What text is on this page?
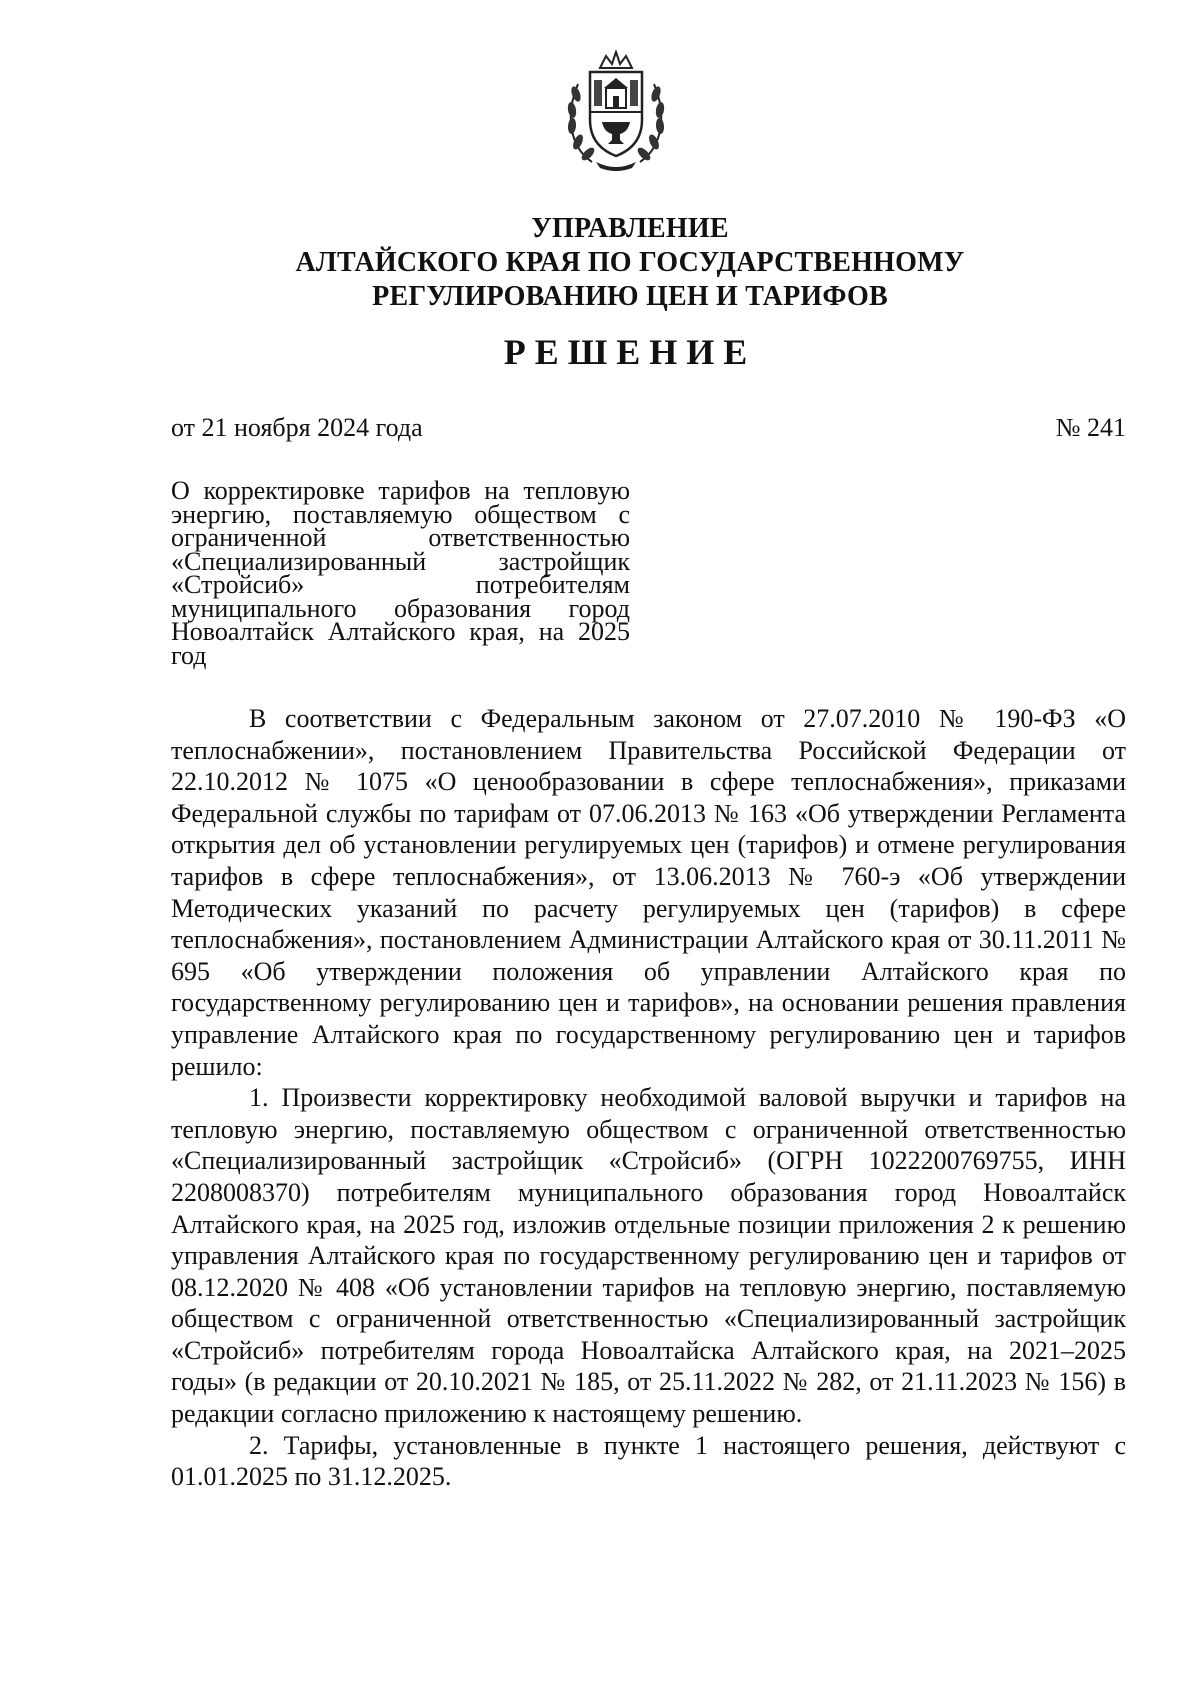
УПРАВЛЕНИЕ
АЛТАЙСКОГО КРАЯ ПО ГОСУДАРСТВЕННОМУ
РЕГУЛИРОВАНИЮ ЦЕН И ТАРИФОВ
РЕШЕНИЕ
от 21 ноября 2024 года	№ 241
О корректировке тарифов на тепловую энергию, поставляемую обществом с ограниченной ответственностью «Специализированный застройщик «Стройсиб» потребителям муниципального образования город Новоалтайск Алтайского края, на 2025 год

В соответствии с Федеральным законом от 27.07.2010 № 190-ФЗ «О теплоснабжении», постановлением Правительства Российской Федерации от 22.10.2012 № 1075 «О ценообразовании в сфере теплоснабжения», приказами Федеральной службы по тарифам от 07.06.2013 № 163 «Об утверждении Регламента открытия дел об установлении регулируемых цен (тарифов) и отмене регулирования тарифов в сфере теплоснабжения», от 13.06.2013 № 760-э «Об утверждении Методических указаний по расчету регулируемых цен (тарифов) в сфере теплоснабжения», постановлением Администрации Алтайского края от 30.11.2011 № 695 «Об утверждении положения об управлении Алтайского края по государственному регулированию цен и тарифов», на основании решения правления управление Алтайского края по государственному регулированию цен и тарифов решило:

1. Произвести корректировку необходимой валовой выручки и тарифов на тепловую энергию, поставляемую обществом с ограниченной ответственностью «Специализированный застройщик «Стройсиб» (ОГРН 1022200769755, ИНН 2208008370) потребителям муниципального образования город Новоалтайск Алтайского края, на 2025 год, изложив отдельные позиции приложения 2 к решению управления Алтайского края по государственному регулированию цен и тарифов от 08.12.2020 № 408 «Об установлении тарифов на тепловую энергию, поставляемую обществом с ограниченной ответственностью «Специализированный застройщик «Стройсиб» потребителям города Новоалтайска Алтайского края, на 2021–2025 годы» (в редакции от 20.10.2021 № 185, от 25.11.2022 № 282, от 21.11.2023 № 156) в редакции согласно приложению к настоящему решению.

2. Тарифы, установленные в пункте 1 настоящего решения, действуют с 01.01.2025 по 31.12.2025.
